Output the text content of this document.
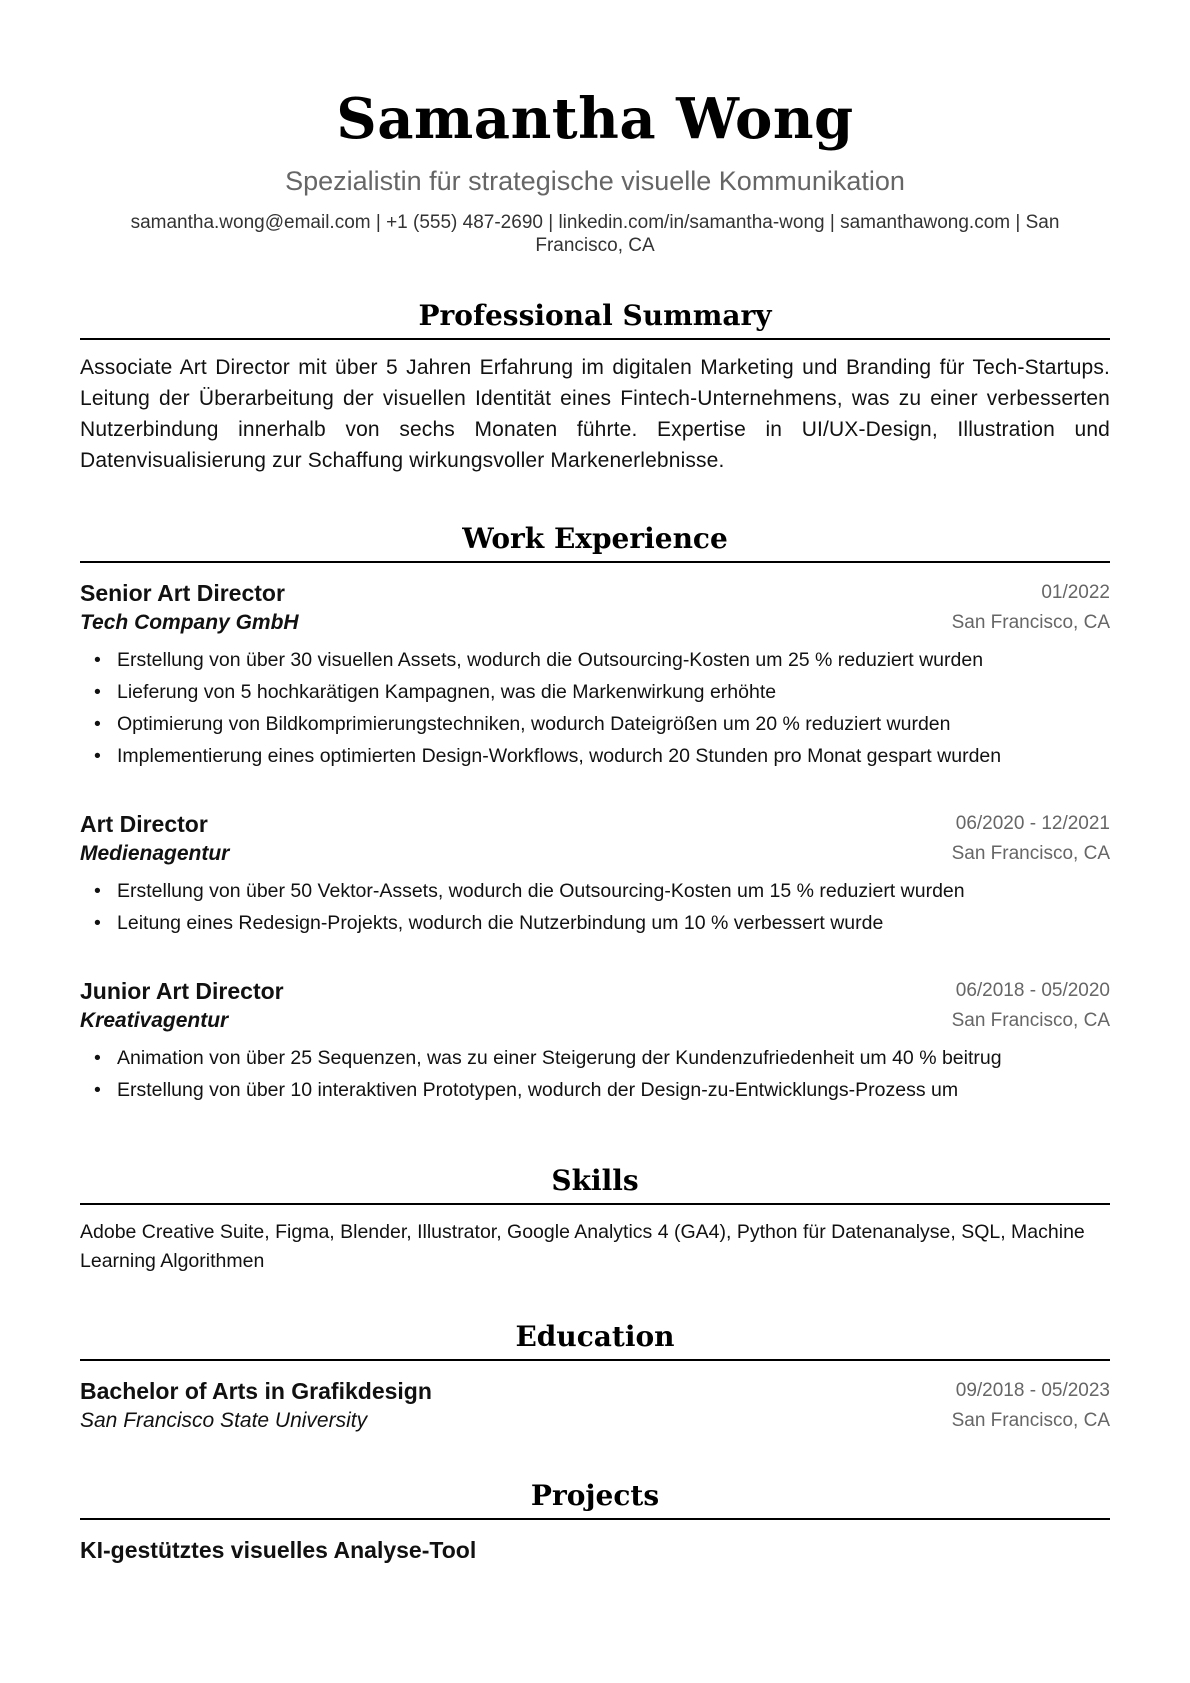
Samantha Wong
Spezialistin für strategische visuelle Kommunikation
samantha.wong@email.com | +1 (555) 487-2690 | linkedin.com/in/samantha-wong | samanthawong.com | San
Francisco, CA
Professional Summary
Associate Art Director mit über 5 Jahren Erfahrung im digitalen Marketing und Branding für Tech-Startups. Leitung der Überarbeitung der visuellen Identität eines Fintech-Unternehmens, was zu einer verbesserten Nutzerbindung innerhalb von sechs Monaten führte. Expertise in UI/UX-Design, Illustration und Datenvisualisierung zur Schaffung wirkungsvoller Markenerlebnisse.
Work Experience
Senior Art Director	01/2022
Tech Company GmbH	San Francisco, CA
• Erstellung von über 30 visuellen Assets, wodurch die Outsourcing-Kosten um 25 % reduziert wurden
• Lieferung von 5 hochkarätigen Kampagnen, was die Markenwirkung erhöhte
• Optimierung von Bildkomprimierungstechniken, wodurch Dateigrößen um 20 % reduziert wurden
• Implementierung eines optimierten Design-Workflows, wodurch 20 Stunden pro Monat gespart wurden
Art Director	06/2020 - 12/2021
Medienagentur	San Francisco, CA
• Erstellung von über 50 Vektor-Assets, wodurch die Outsourcing-Kosten um 15 % reduziert wurden
• Leitung eines Redesign-Projekts, wodurch die Nutzerbindung um 10 % verbessert wurde
Junior Art Director	06/2018 - 05/2020
Kreativagentur	San Francisco, CA
• Animation von über 25 Sequenzen, was zu einer Steigerung der Kundenzufriedenheit um 40 % beitrug
• Erstellung von über 10 interaktiven Prototypen, wodurch der Design-zu-Entwicklungs-Prozess um
Skills
Adobe Creative Suite, Figma, Blender, Illustrator, Google Analytics 4 (GA4), Python für Datenanalyse, SQL, Machine Learning Algorithmen
Education
Bachelor of Arts in Grafikdesign	09/2018 - 05/2023
San Francisco State University	San Francisco, CA
Projects
KI-gestütztes visuelles Analyse-Tool
